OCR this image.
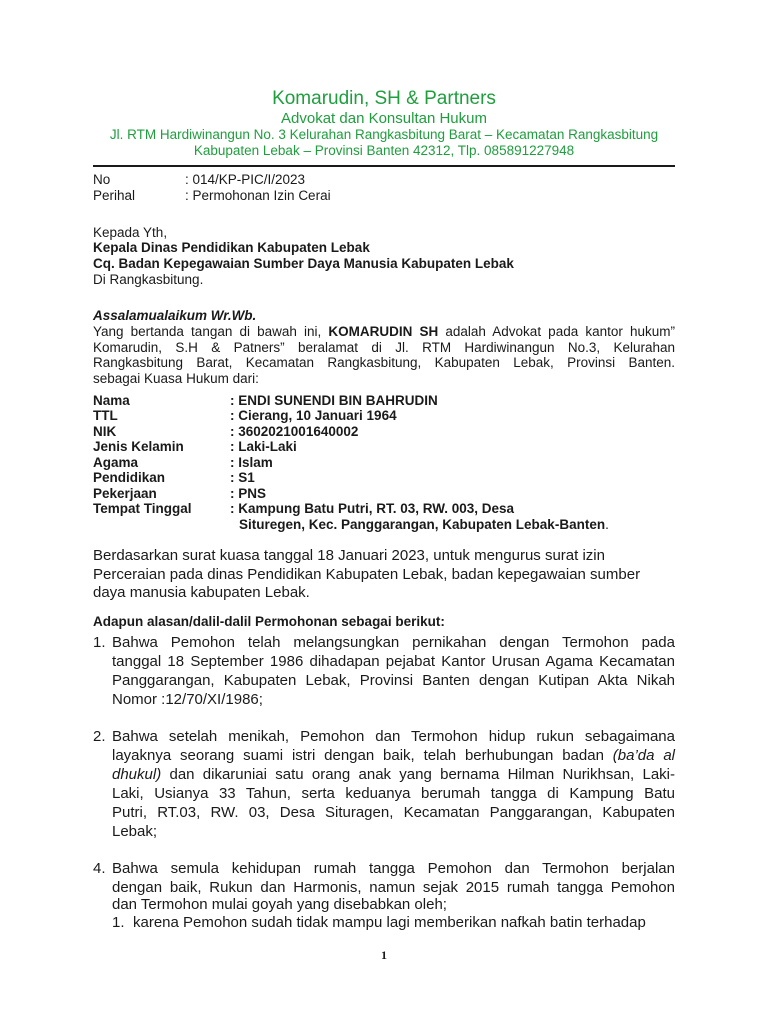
Komarudin, SH & Partners
Advokat dan Konsultan Hukum
Jl. RTM Hardiwinangun No. 3 Kelurahan Rangkasbitung Barat – Kecamatan Rangkasbitung
Kabupaten Lebak – Provinsi Banten 42312, Tlp. 085891227948
No	: 014/KP-PIC/I/2023
Perihal	: Permohonan Izin Cerai
Kepada Yth,
Kepala Dinas Pendidikan Kabupaten Lebak
Cq. Badan Kepegawaian Sumber Daya Manusia Kabupaten Lebak
Di Rangkasbitung.
Assalamualaikum Wr.Wb.
Yang bertanda tangan di bawah ini, KOMARUDIN SH adalah Advokat pada kantor hukum”
Komarudin, S.H & Patners” beralamat di Jl. RTM Hardiwinangun No.3, Kelurahan
Rangkasbitung Barat, Kecamatan Rangkasbitung, Kabupaten Lebak, Provinsi Banten.
sebagai Kuasa Hukum dari:
Nama	: ENDI SUNENDI BIN BAHRUDIN
TTL	: Cierang, 10 Januari 1964
NIK	: 3602021001640002
Jenis Kelamin	: Laki-Laki
Agama	: Islam
Pendidikan	: S1
Pekerjaan	: PNS
Tempat Tinggal	: Kampung Batu Putri, RT. 03, RW. 003, Desa
Situregen, Kec. Panggarangan, Kabupaten Lebak-Banten.
Berdasarkan surat kuasa tanggal 18 Januari 2023, untuk mengurus surat izin
Perceraian pada dinas Pendidikan Kabupaten Lebak, badan kepegawaian sumber
daya manusia kabupaten Lebak.
Adapun alasan/dalil-dalil Permohonan sebagai berikut:
1. Bahwa Pemohon telah melangsungkan pernikahan dengan Termohon pada
tanggal 18 September 1986 dihadapan pejabat Kantor Urusan Agama Kecamatan
Panggarangan, Kabupaten Lebak, Provinsi Banten dengan Kutipan Akta Nikah
Nomor :12/70/XI/1986;
2. Bahwa setelah menikah, Pemohon dan Termohon hidup rukun sebagaimana
layaknya seorang suami istri dengan baik, telah berhubungan badan (ba’da al
dhukul) dan dikaruniai satu orang anak yang bernama Hilman Nurikhsan, Laki-
Laki, Usianya 33 Tahun, serta keduanya berumah tangga di Kampung Batu
Putri, RT.03, RW. 03, Desa Situragen, Kecamatan Panggarangan, Kabupaten
Lebak;
4. Bahwa semula kehidupan rumah tangga Pemohon dan Termohon berjalan
dengan baik, Rukun dan Harmonis, namun sejak 2015 rumah tangga Pemohon
dan Termohon mulai goyah yang disebabkan oleh;
1. karena Pemohon sudah tidak mampu lagi memberikan nafkah batin terhadap
1
